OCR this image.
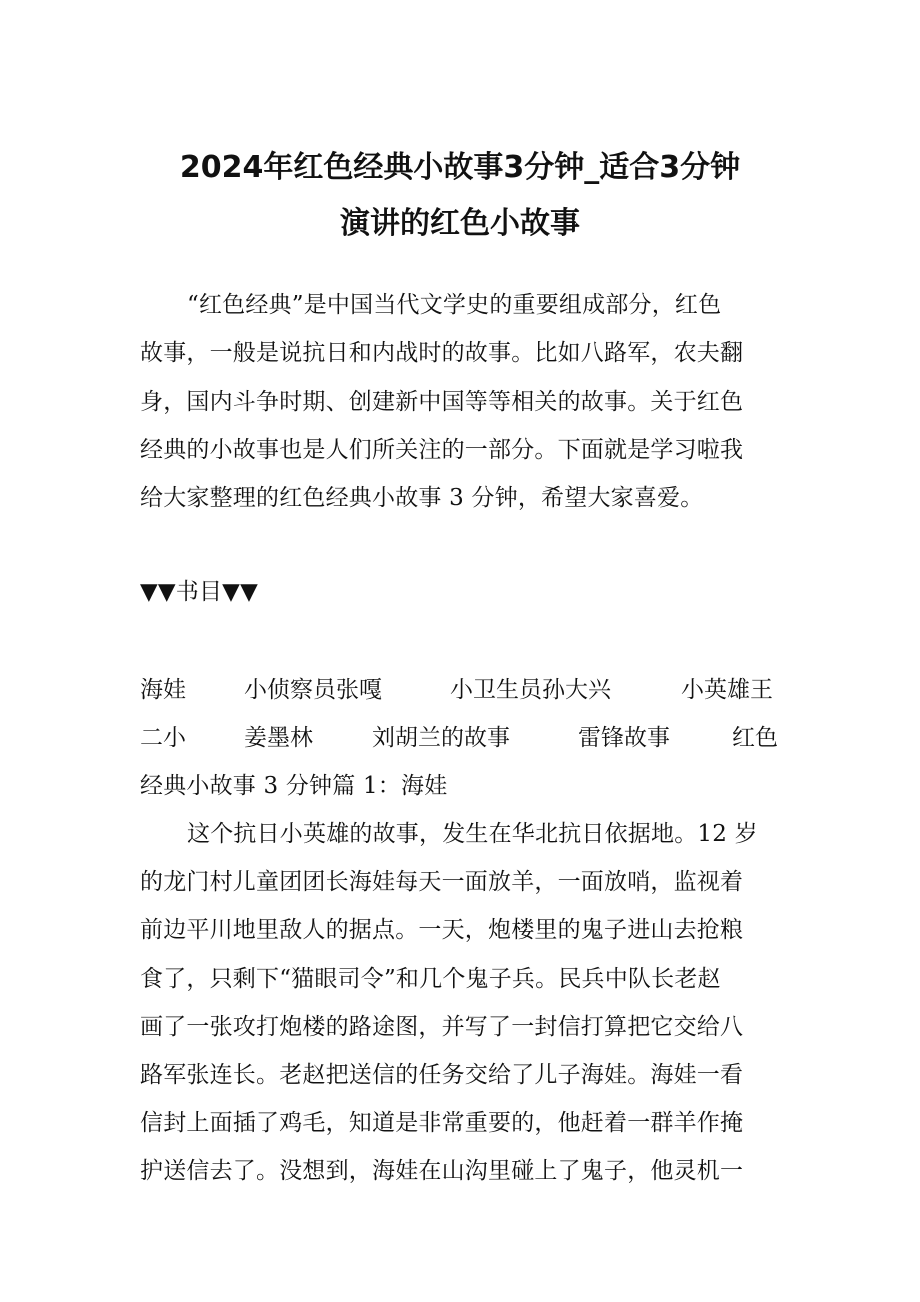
2024年红色经典小故事3分钟_适合3分钟
演讲的红色小故事
“红色经典”是中国当代文学史的重要组成部分，红色
故事，一般是说抗日和内战时的故事。比如八路军，农夫翻
身，国内斗争时期、创建新中国等等相关的故事。关于红色
经典的小故事也是人们所关注的一部分。下面就是学习啦我
给大家整理的红色经典小故事 3 分钟，希望大家喜爱。
▼▼书目▼▼
海娃	小侦察员张嘎	小卫生员孙大兴	小英雄王
二小	姜墨林	刘胡兰的故事	雷锋故事	红色
经典小故事 3 分钟篇 1：海娃
这个抗日小英雄的故事，发生在华北抗日依据地。12 岁
的龙门村儿童团团长海娃每天一面放羊，一面放哨，监视着
前边平川地里敌人的据点。一天，炮楼里的鬼子进山去抢粮
食了，只剩下“猫眼司令”和几个鬼子兵。民兵中队长老赵
画了一张攻打炮楼的路途图，并写了一封信打算把它交给八
路军张连长。老赵把送信的任务交给了儿子海娃。海娃一看
信封上面插了鸡毛，知道是非常重要的，他赶着一群羊作掩
护送信去了。没想到，海娃在山沟里碰上了鬼子，他灵机一
